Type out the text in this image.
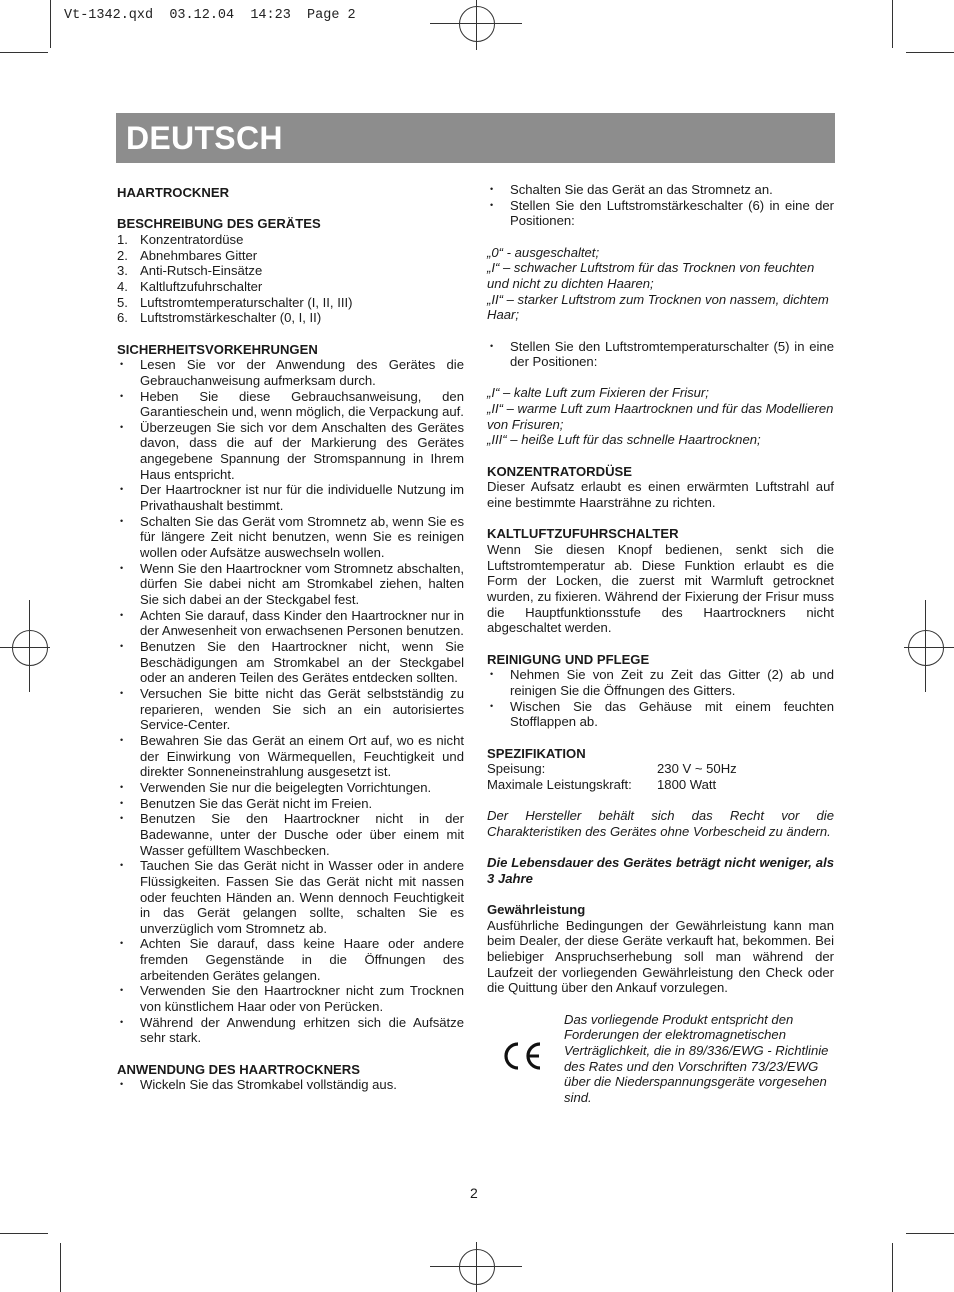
Vt-1342.qxd  03.12.04  14:23  Page 2
DEUTSCH
HAARTROCKNER
BESCHREIBUNG DES GERÄTES
1. Konzentratordüse
2. Abnehmbares Gitter
3. Anti-Rutsch-Einsätze
4. Kaltluftzufuhrschalter
5. Luftstromtemperaturschalter (I, II, III)
6. Luftstromstärkeschalter (0, I, II)
SICHERHEITSVORKEHRUNGEN
• Lesen Sie vor der Anwendung des Gerätes die Gebrauchanweisung aufmerksam durch.
• Heben Sie diese Gebrauchsanweisung, den Garantieschein und, wenn möglich, die Verpackung auf.
• Überzeugen Sie sich vor dem Anschalten des Gerätes davon, dass die auf der Markierung des Gerätes angegebene Spannung der Stromspannung in Ihrem Haus entspricht.
• Der Haartrockner ist nur für die individuelle Nutzung im Privathaushalt bestimmt.
• Schalten Sie das Gerät vom Stromnetz ab, wenn Sie es für längere Zeit nicht benutzen, wenn Sie es reinigen wollen oder Aufsätze auswechseln wollen.
• Wenn Sie den Haartrockner vom Stromnetz abschalten, dürfen Sie dabei nicht am Stromkabel ziehen, halten Sie sich dabei an der Steckgabel fest.
• Achten Sie darauf, dass Kinder den Haartrockner nur in der Anwesenheit von erwachsenen Personen benutzen.
• Benutzen Sie den Haartrockner nicht, wenn Sie Beschädigungen am Stromkabel an der Steckgabel oder an anderen Teilen des Gerätes entdecken sollten.
• Versuchen Sie bitte nicht das Gerät selbstständig zu reparieren, wenden Sie sich an ein autorisiertes Service-Center.
• Bewahren Sie das Gerät an einem Ort auf, wo es nicht der Einwirkung von Wärmequellen, Feuchtigkeit und direkter Sonneneinstrahlung ausgesetzt ist.
• Verwenden Sie nur die beigelegten Vorrichtungen.
• Benutzen Sie das Gerät nicht im Freien.
• Benutzen Sie den Haartrockner nicht in der Badewanne, unter der Dusche oder über einem mit Wasser gefülltem Waschbecken.
• Tauchen Sie das Gerät nicht in Wasser oder in andere Flüssigkeiten. Fassen Sie das Gerät nicht mit nassen oder feuchten Händen an. Wenn dennoch Feuchtigkeit in das Gerät gelangen sollte, schalten Sie es unverzüglich vom Stromnetz ab.
• Achten Sie darauf, dass keine Haare oder andere fremden Gegenstände in die Öffnungen des arbeitenden Gerätes gelangen.
• Verwenden Sie den Haartrockner nicht zum Trocknen von künstlichem Haar oder von Perücken.
• Während der Anwendung erhitzen sich die Aufsätze sehr stark.
ANWENDUNG DES HAARTROCKNERS
• Wickeln Sie das Stromkabel vollständig aus.
• Schalten Sie das Gerät an das Stromnetz an.
• Stellen Sie den Luftstromstärkeschalter (6) in eine der Positionen:

„0“ - ausgeschaltet;

„I“ – schwacher Luftstrom für das Trocknen von feuchten und nicht zu dichten Haaren;

„II“ – starker Luftstrom zum Trocknen von nassem, dichtem Haar;

• Stellen Sie den Luftstromtemperaturschalter (5) in eine der Positionen:

„I“ – kalte Luft zum Fixieren der Frisur;

„II“ – warme Luft zum Haartrocknen und für das Modellieren von Frisuren;

„III“ – heiße Luft für das schnelle Haartrocknen;

KONZENTRATORDÜSE

Dieser Aufsatz erlaubt es einen erwärmten Luftstrahl auf eine bestimmte Haarsträhne zu richten.

KALTLUFTZUFUHRSCHALTER

Wenn Sie diesen Knopf bedienen, senkt sich die Luftstromtemperatur ab. Diese Funktion erlaubt es die Form der Locken, die zuerst mit Warmluft getrocknet wurden, zu fixieren. Während der Fixierung der Frisur muss die Hauptfunktionsstufe des Haartrockners nicht abgeschaltet werden.

REINIGUNG UND PFLEGE
• Nehmen Sie von Zeit zu Zeit das Gitter (2) ab und reinigen Sie die Öffnungen des Gitters.
• Wischen Sie das Gehäuse mit einem feuchten Stofflappen ab.
SPEZIFIKATION
Speisung:	230 V ~ 50Hz
Maximale Leistungskraft:	1800 Watt

Der Hersteller behält sich das Recht vor die Charakteristiken des Gerätes ohne Vorbescheid zu ändern.

Die Lebensdauer des Gerätes beträgt nicht weniger, als 3 Jahre

Gewährleistung

Ausführliche Bedingungen der Gewährleistung kann man beim Dealer, der diese Geräte verkauft hat, bekommen. Bei beliebiger Anspruchserhebung soll man während der Laufzeit der vorliegenden Gewährleistung den Check oder die Quittung über den Ankauf vorzulegen.

Das vorliegende Produkt entspricht den Forderungen der elektromagnetischen Verträglichkeit, die in 89/336/EWG - Richtlinie des Rates und den Vorschriften 73/23/EWG über die Niederspannungsgeräte vorgesehen sind.

2
